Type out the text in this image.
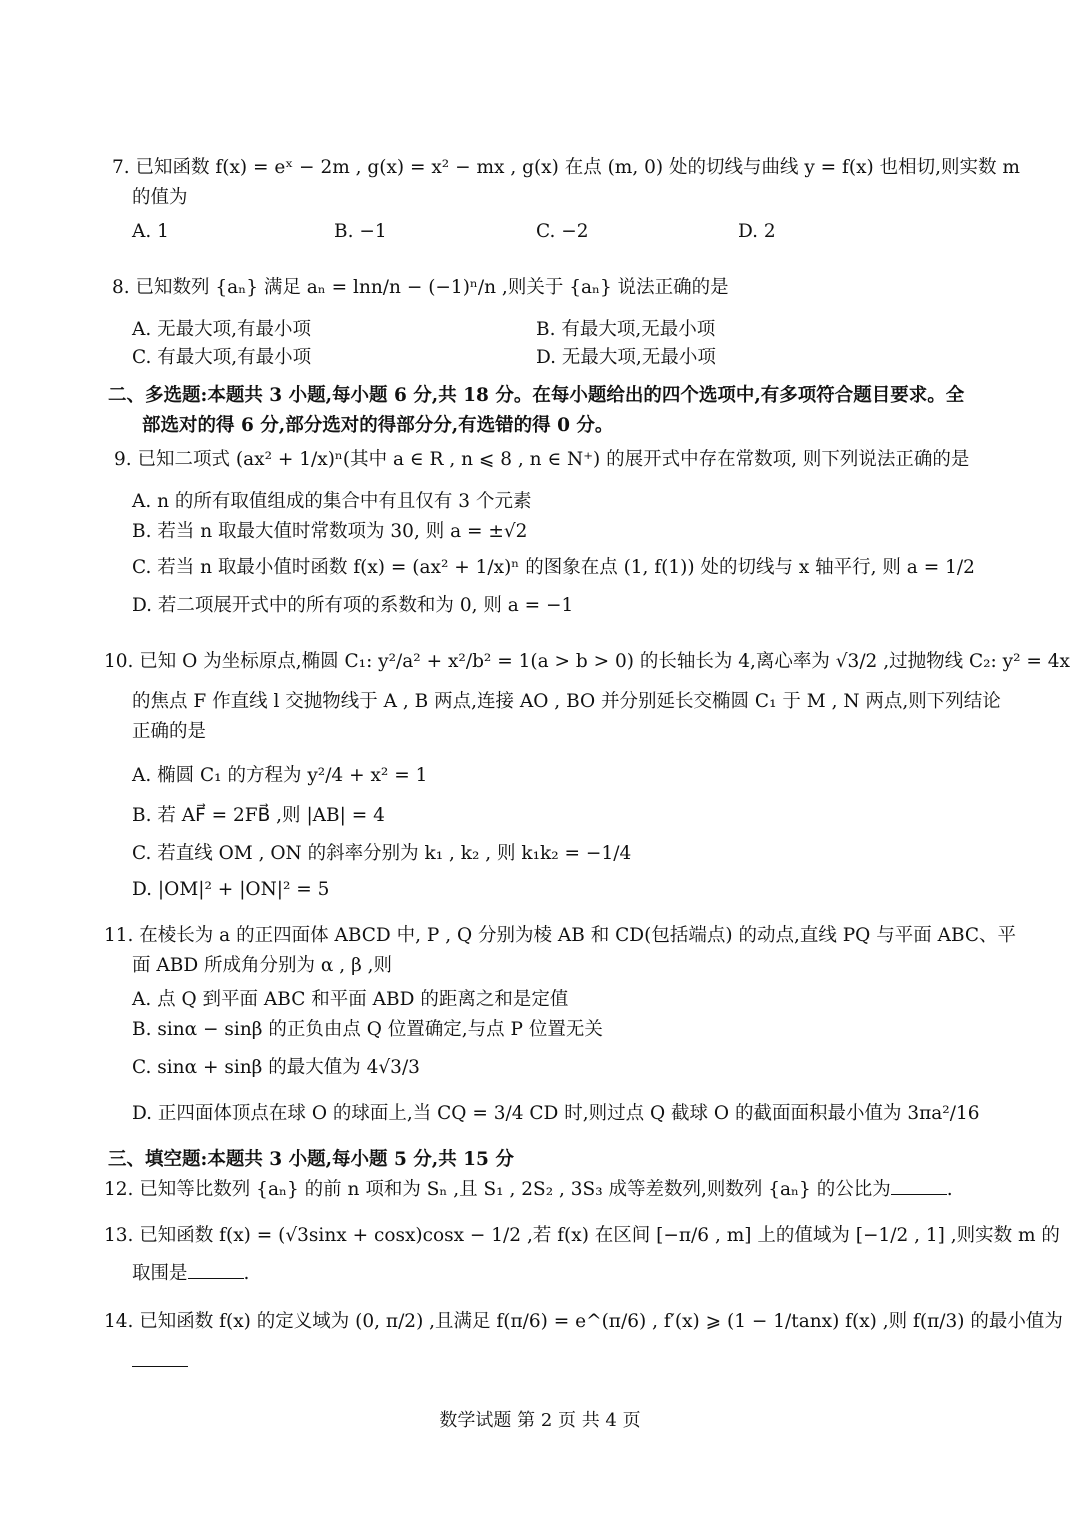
7. 已知函数 f(x) = eˣ − 2m , g(x) = x² − mx , g(x) 在点 (m, 0) 处的切线与曲线 y = f(x) 也相切,则实数 m
的值为
A. 1	B. −1	C. −2	D. 2
8. 已知数列 {aₙ} 满足 aₙ = lnn/n − (−1)ⁿ/n ,则关于 {aₙ} 说法正确的是
A. 无最大项,有最小项	B. 有最大项,无最小项
C. 有最大项,有最小项	D. 无最大项,无最小项
二、多选题:本题共 3 小题,每小题 6 分,共 18 分。在每小题给出的四个选项中,有多项符合题目要求。全
部选对的得 6 分,部分选对的得部分分,有选错的得 0 分。
9. 已知二项式 (ax² + 1/x)ⁿ(其中 a ∈ R , n ⩽ 8 , n ∈ N⁺) 的展开式中存在常数项, 则下列说法正确的是
A. n 的所有取值组成的集合中有且仅有 3 个元素
B. 若当 n 取最大值时常数项为 30, 则 a = ±√2
C. 若当 n 取最小值时函数 f(x) = (ax² + 1/x)ⁿ 的图象在点 (1, f(1)) 处的切线与 x 轴平行, 则 a = 1/2
D. 若二项展开式中的所有项的系数和为 0, 则 a = −1
10. 已知 O 为坐标原点,椭圆 C₁: y²/a² + x²/b² = 1(a > b > 0) 的长轴长为 4,离心率为 √3/2 ,过抛物线 C₂: y² = 4x
的焦点 F 作直线 l 交抛物线于 A , B 两点,连接 AO , BO 并分别延长交椭圆 C₁ 于 M , N 两点,则下列结论
正确的是
A. 椭圆 C₁ 的方程为 y²/4 + x² = 1
B. 若 AF⃗ = 2FB⃗ ,则 |AB| = 4
C. 若直线 OM , ON 的斜率分别为 k₁ , k₂ , 则 k₁k₂ = −1/4
D. |OM|² + |ON|² = 5
11. 在棱长为 a 的正四面体 ABCD 中, P , Q 分别为棱 AB 和 CD(包括端点) 的动点,直线 PQ 与平面 ABC、平
面 ABD 所成角分别为 α , β ,则
A. 点 Q 到平面 ABC 和平面 ABD 的距离之和是定值
B. sinα − sinβ 的正负由点 Q 位置确定,与点 P 位置无关
C. sinα + sinβ 的最大值为 4√3/3
D. 正四面体顶点在球 O 的球面上,当 CQ = 3/4 CD 时,则过点 Q 截球 O 的截面面积最小值为 3πa²/16
三、填空题:本题共 3 小题,每小题 5 分,共 15 分
12. 已知等比数列 {aₙ} 的前 n 项和为 Sₙ ,且 S₁ , 2S₂ , 3S₃ 成等差数列,则数列 {aₙ} 的公比为	.
13. 已知函数 f(x) = (√3sinx + cosx)cosx − 1/2 ,若 f(x) 在区间 [−π/6 , m] 上的值域为 [−1/2 , 1] ,则实数 m 的
取围是	.
14. 已知函数 f(x) 的定义域为 (0, π/2) ,且满足 f(π/6) = e^(π/6) , f′(x) ⩾ (1 − 1/tanx) f(x) ,则 f(π/3) 的最小值为
数学试题 第 2 页 共 4 页
